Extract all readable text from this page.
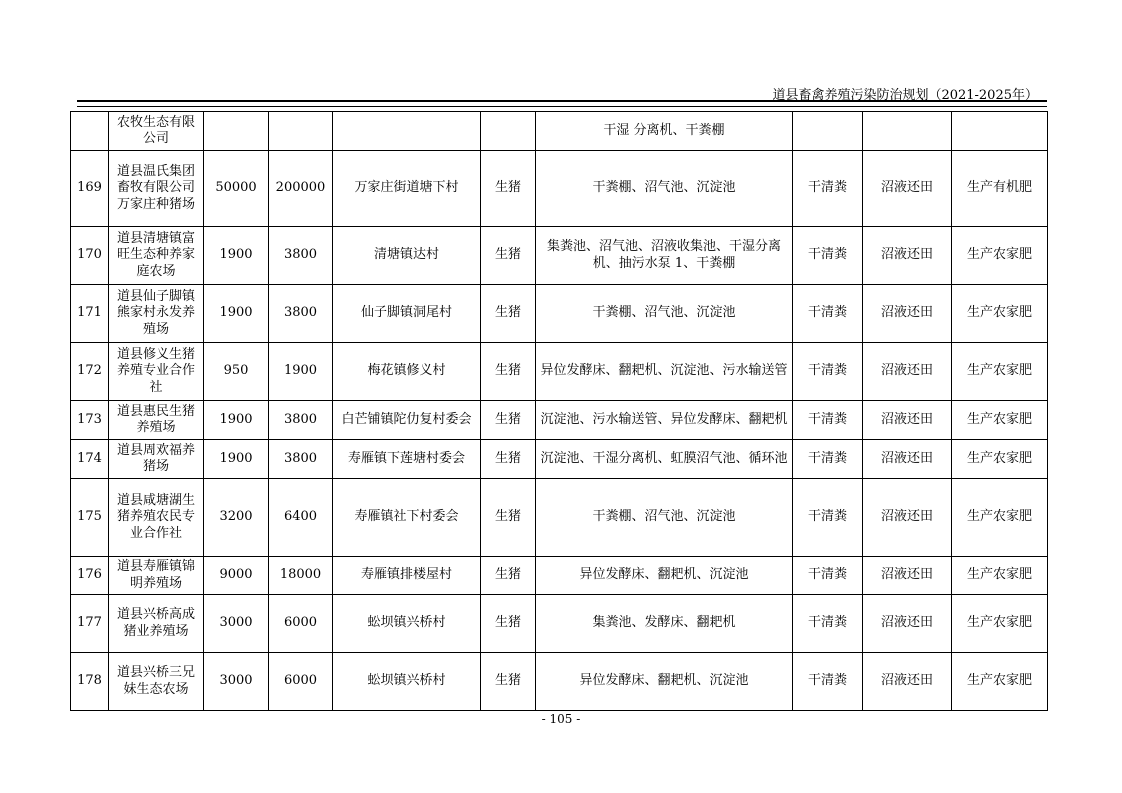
道县畜禽养殖污染防治规划（2021-2025年）
	农牧生态有限公司					干湿 分离机、干粪棚			
169	道县温氏集团畜牧有限公司万家庄种猪场	50000	200000	万家庄街道塘下村	生猪	干粪棚、沼气池、沉淀池	干清粪	沼液还田	生产有机肥
170	道县清塘镇富旺生态种养家庭农场	1900	3800	清塘镇达村	生猪	集粪池、沼气池、沼液收集池、干湿分离 机、抽污水泵 1、干粪棚	干清粪	沼液还田	生产农家肥
171	道县仙子脚镇熊家村永发养殖场	1900	3800	仙子脚镇洞尾村	生猪	干粪棚、沼气池、沉淀池	干清粪	沼液还田	生产农家肥
172	道县修义生猪养殖专业合作社	950	1900	梅花镇修义村	生猪	异位发酵床、翻耙机、沉淀池、污水输送管	干清粪	沼液还田	生产农家肥
173	道县惠民生猪养殖场	1900	3800	白芒铺镇陀仂复村委会	生猪	沉淀池、污水输送管、异位发酵床、翻耙机	干清粪	沼液还田	生产农家肥
174	道县周欢福养猪场	1900	3800	寿雁镇下莲塘村委会	生猪	沉淀池、干湿分离机、虹膜沼气池、循环池	干清粪	沼液还田	生产农家肥
175	道县咸塘湖生猪养殖农民专业合作社	3200	6400	寿雁镇社下村委会	生猪	干粪棚、沼气池、沉淀池	干清粪	沼液还田	生产农家肥
176	道县寿雁镇锦明养殖场	9000	18000	寿雁镇排楼屋村	生猪	异位发酵床、翻耙机、沉淀池	干清粪	沼液还田	生产农家肥
177	道县兴桥高成猪业养殖场	3000	6000	蚣坝镇兴桥村	生猪	集粪池、发酵床、翻耙机	干清粪	沼液还田	生产农家肥
178	道县兴桥三兄妹生态农场	3000	6000	蚣坝镇兴桥村	生猪	异位发酵床、翻耙机、沉淀池	干清粪	沼液还田	生产农家肥
- 105 -
